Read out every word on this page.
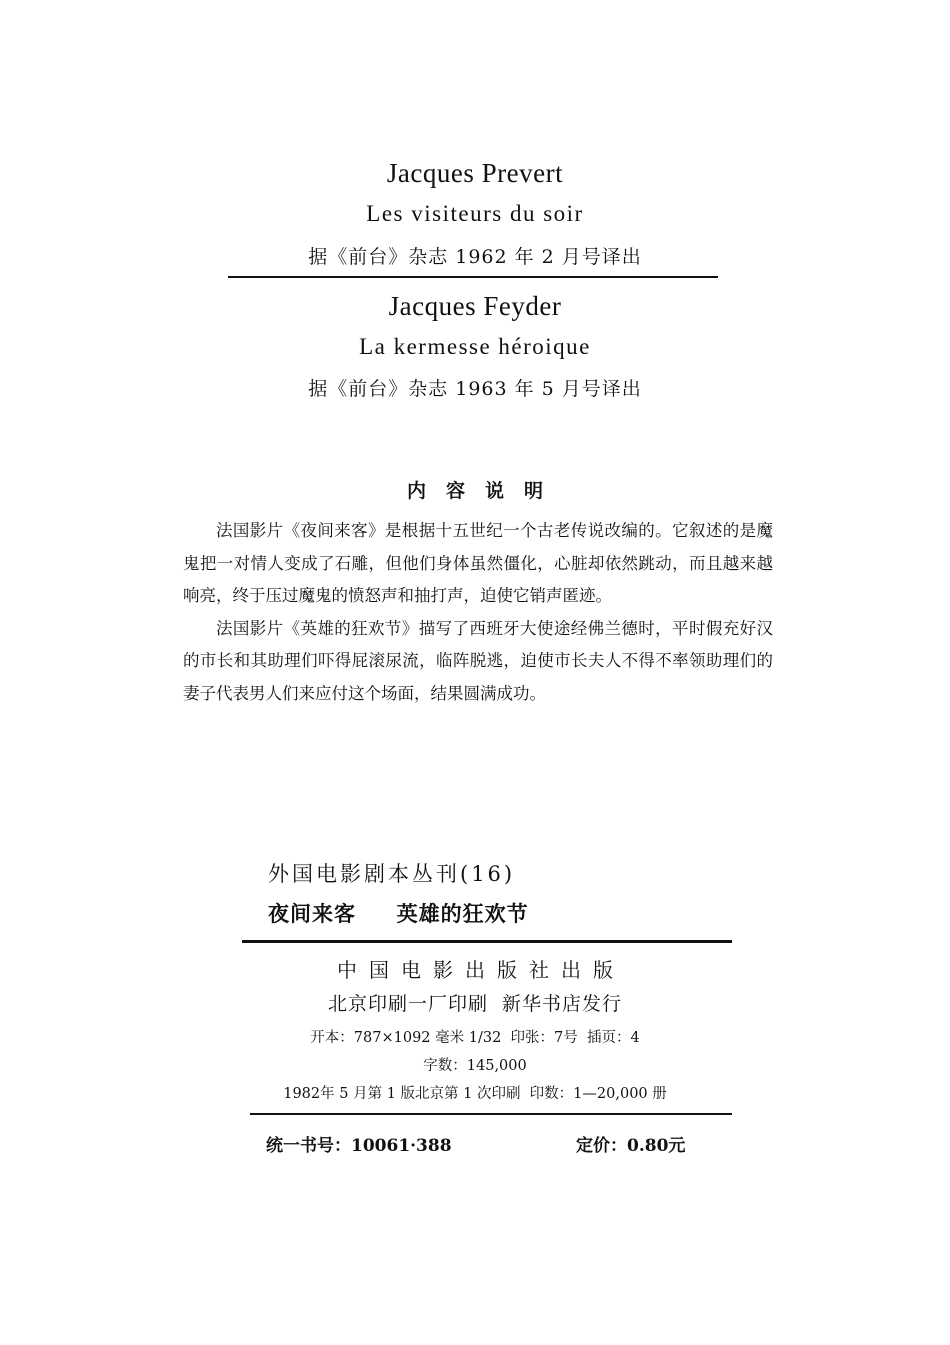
Jacques Prevert
Les visiteurs du soir
据《前台》杂志 1962 年 2 月号译出
Jacques Feyder
La kermesse héroique
据《前台》杂志 1963 年 5 月号译出
内容说明

法国影片《夜间来客》是根据十五世纪一个古老传说改编的。它叙述的是魔鬼把一对情人变成了石雕，但他们身体虽然僵化，心脏却依然跳动，而且越来越响亮，终于压过魔鬼的愤怒声和抽打声，迫使它销声匿迹。

法国影片《英雄的狂欢节》描写了西班牙大使途经佛兰德时，平时假充好汉的市长和其助理们吓得屁滚尿流，临阵脱逃，迫使市长夫人不得不率领助理们的妻子代表男人们来应付这个场面，结果圆满成功。

外国电影剧本丛刊(16)
夜间来客  英雄的狂欢节
中国电影出版社出版
北京印刷一厂印刷  新华书店发行
开本：787×1092 毫米 1/32  印张：7号  插页：4
字数：145,000
1982年 5 月第 1 版北京第 1 次印刷  印数：1—20,000 册
统一书号：10061·388	定价：0.80元
